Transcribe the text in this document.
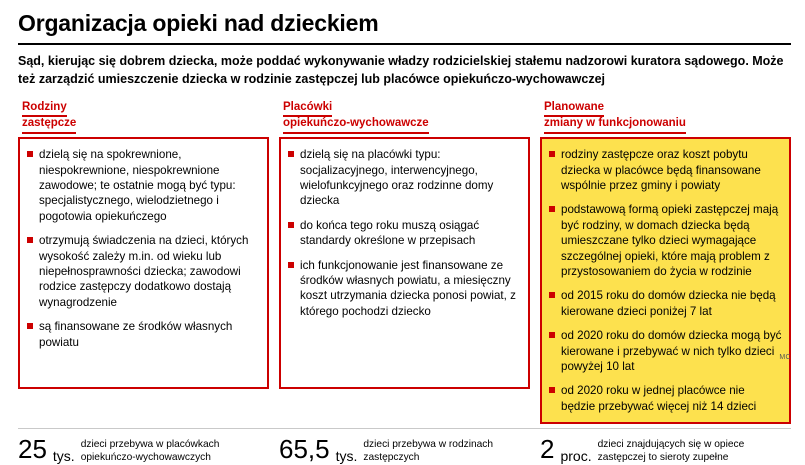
Organizacja opieki nad dzieckiem
Sąd, kierując się dobrem dziecka, może poddać wykonywanie władzy rodzicielskiej stałemu nadzorowi kuratora sądowego. Może też zarządzić umieszczenie dziecka w rodzinie zastępczej lub placówce opiekuńczo-wychowawczej
Rodziny
zastępcze
dzielą się na spokrewnione, niespokrewnione, niespokrewnione zawodowe; te ostatnie mogą być typu: specjalistycznego, wielodzietnego i pogotowia opiekuńczego
otrzymują świadczenia na dzieci, których wysokość zależy m.in. od wieku lub niepełnosprawności dziecka; zawodowi rodzice zastępczy dodatkowo dostają wynagrodzenie
są finansowane ze środków własnych powiatu
Placówki
opiekuńczo-wychowawcze
dzielą się na placówki typu: socjalizacyjnego, interwencyjnego, wielofunkcyjnego oraz rodzinne domy dziecka
do końca tego roku muszą osiągać standardy określone w przepisach
ich funkcjonowanie jest finansowane ze środków własnych powiatu, a miesięczny koszt utrzymania dziecka ponosi powiat, z którego pochodzi dziecko
Planowane
zmiany w funkcjonowaniu
rodziny zastępcze oraz koszt pobytu dziecka w placówce będą finansowane wspólnie przez gminy i powiaty
podstawową formą opieki zastępczej mają być rodziny, w domach dziecka będą umieszczane tylko dzieci wymagające szczególnej opieki, które mają problem z przystosowaniem do życia w rodzinie
od 2015 roku do domów dziecka nie będą kierowane dzieci poniżej 7 lat
od 2020 roku do domów dziecka mogą być kierowane i przebywać w nich tylko dzieci powyżej 10 lat
od 2020 roku w jednej placówce nie będzie przebywać więcej niż 14 dzieci
MC
25 tys.
dzieci przebywa w placówkach opiekuńczo-wychowawczych	65,5 tys.
dzieci przebywa w rodzinach zastępczych	2 proc.
dzieci znajdujących się w opiece zastępczej to sieroty zupełne
